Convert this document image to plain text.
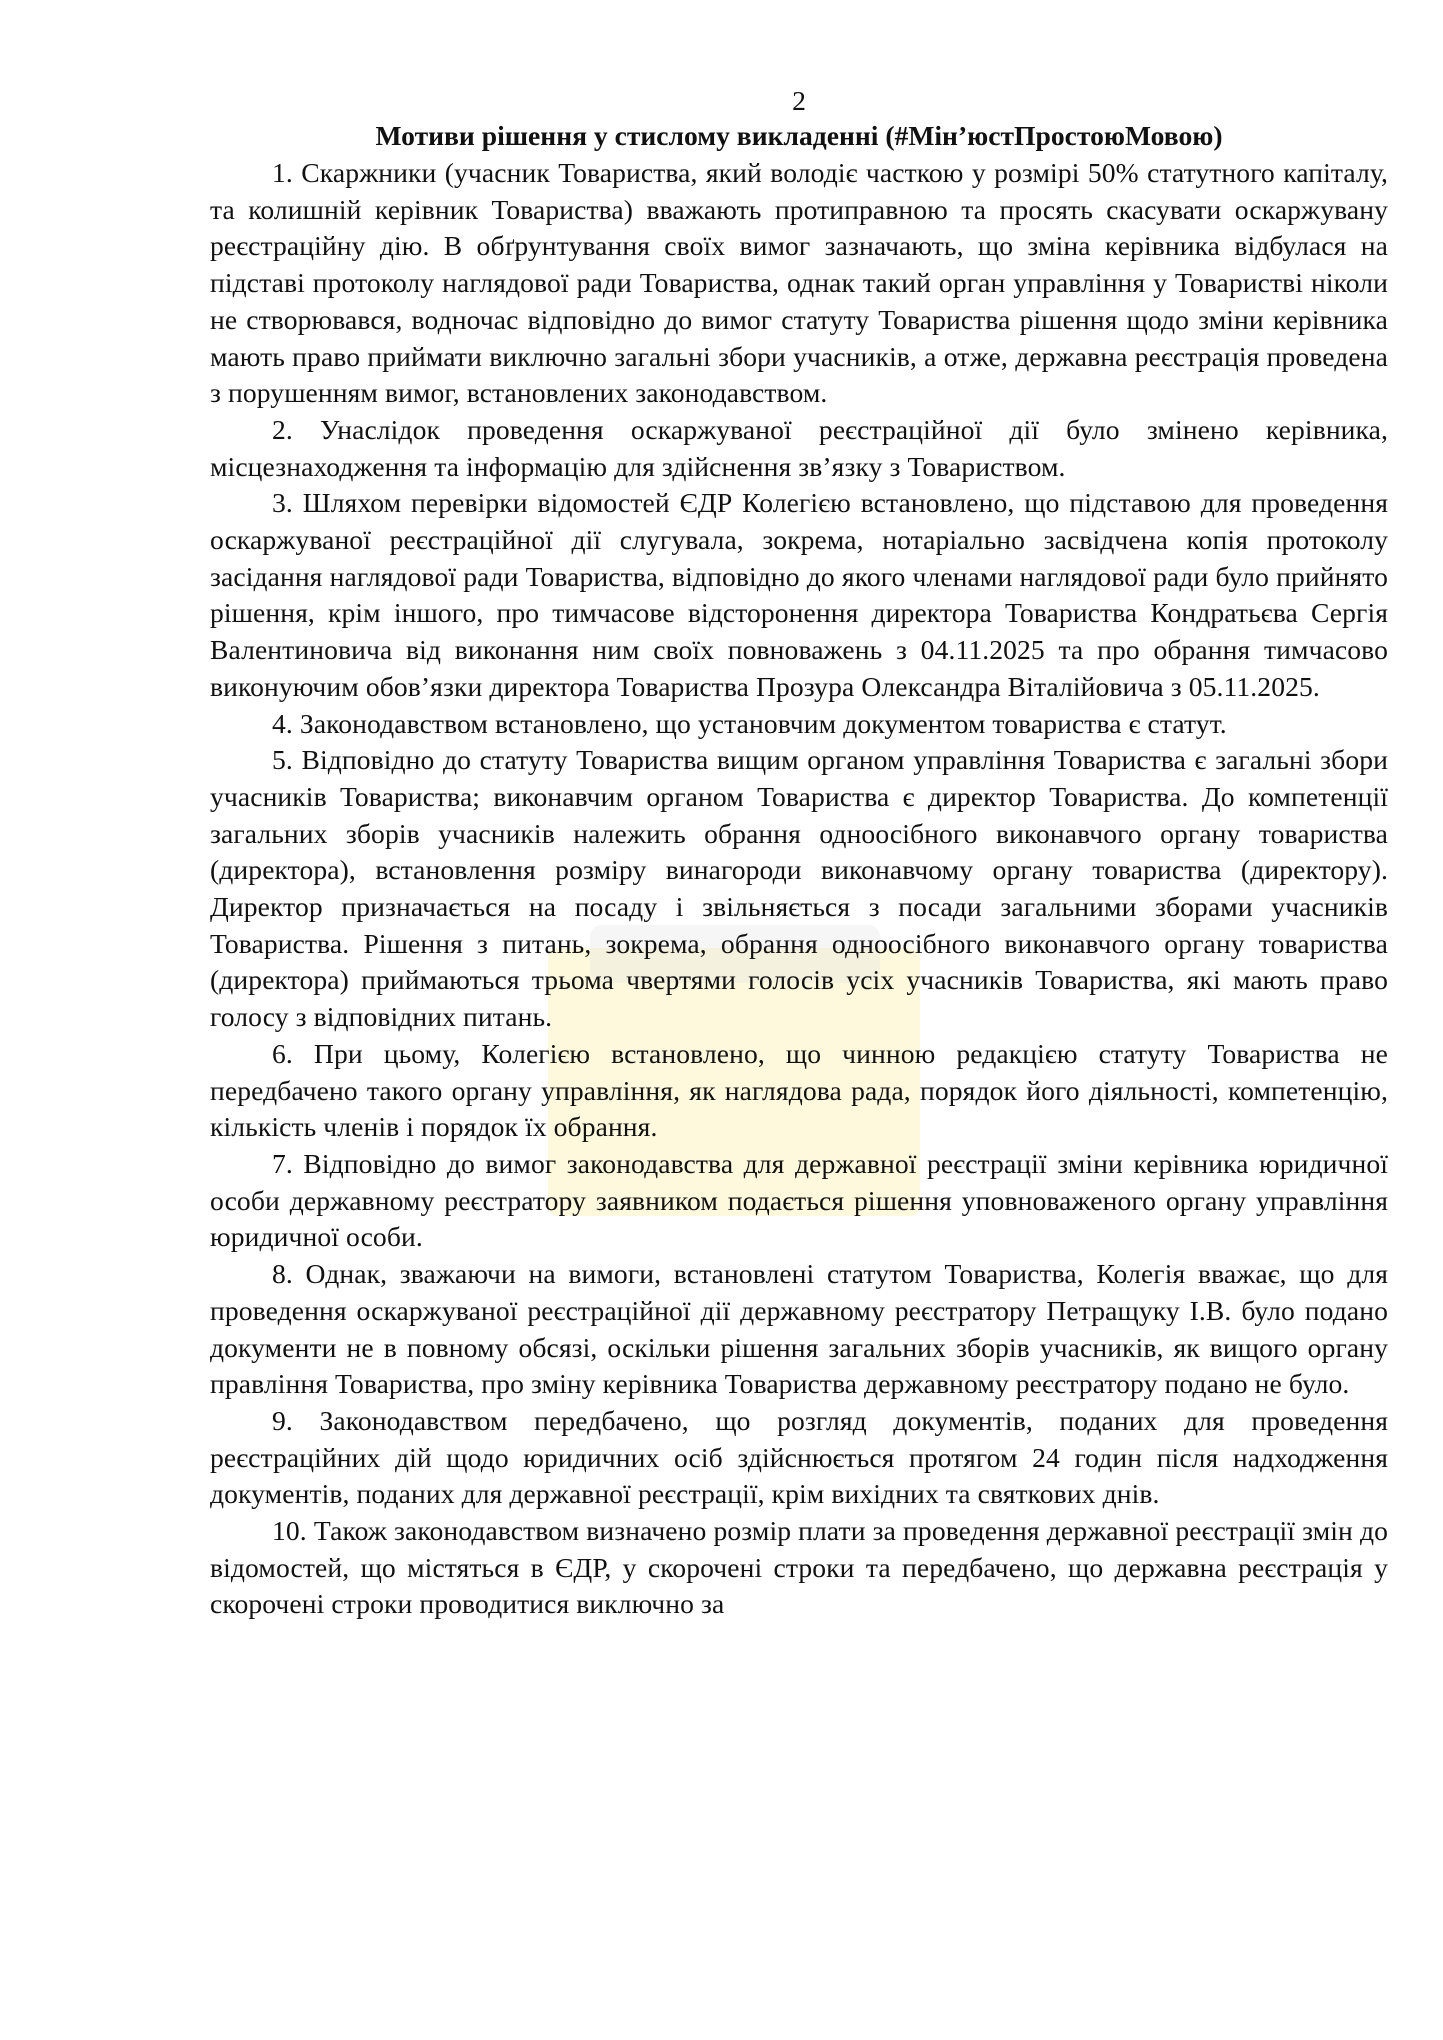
2
Мотиви рішення у стислому викладенні (#Мін’юстПростоюМовою)

1. Скаржники (учасник Товариства, який володіє часткою у розмірі 50% статутного капіталу, та колишній керівник Товариства) вважають протиправною та просять скасувати оскаржувану реєстраційну дію. В обґрунтування своїх вимог зазначають, що зміна керівника відбулася на підставі протоколу наглядової ради Товариства, однак такий орган управління у Товаристві ніколи не створювався, водночас відповідно до вимог статуту Товариства рішення щодо зміни керівника мають право приймати виключно загальні збори учасників, а отже, державна реєстрація проведена з порушенням вимог, встановлених законодавством.

2. Унаслідок проведення оскаржуваної реєстраційної дії було змінено керівника, місцезнаходження та інформацію для здійснення зв’язку з Товариством.

3. Шляхом перевірки відомостей ЄДР Колегією встановлено, що підставою для проведення оскаржуваної реєстраційної дії слугувала, зокрема, нотаріально засвідчена копія протоколу засідання наглядової ради Товариства, відповідно до якого членами наглядової ради було прийнято рішення, крім іншого, про тимчасове відсторонення директора Товариства Кондратьєва Сергія Валентиновича від виконання ним своїх повноважень з 04.11.2025 та про обрання тимчасово виконуючим обов’язки директора Товариства Прозура Олександра Віталійовича з 05.11.2025.

4. Законодавством встановлено, що установчим документом товариства є статут.

5. Відповідно до статуту Товариства вищим органом управління Товариства є загальні збори учасників Товариства; виконавчим органом Товариства є директор Товариства. До компетенції загальних зборів учасників належить обрання одноосібного виконавчого органу товариства (директора), встановлення розміру винагороди виконавчому органу товариства (директору). Директор призначається на посаду і звільняється з посади загальними зборами учасників Товариства. Рішення з питань, зокрема, обрання одноосібного виконавчого органу товариства (директора) приймаються трьома чвертями голосів усіх учасників Товариства, які мають право голосу з відповідних питань.

6. При цьому, Колегією встановлено, що чинною редакцією статуту Товариства не передбачено такого органу управління, як наглядова рада, порядок його діяльності, компетенцію, кількість членів і порядок їх обрання.

7. Відповідно до вимог законодавства для державної реєстрації зміни керівника юридичної особи державному реєстратору заявником подається рішення уповноваженого органу управління юридичної особи.

8. Однак, зважаючи на вимоги, встановлені статутом Товариства, Колегія вважає, що для проведення оскаржуваної реєстраційної дії державному реєстратору Петращуку І.В. було подано документи не в повному обсязі, оскільки рішення загальних зборів учасників, як вищого органу правління Товариства, про зміну керівника Товариства державному реєстратору подано не було.

9. Законодавством передбачено, що розгляд документів, поданих для проведення реєстраційних дій щодо юридичних осіб здійснюється протягом 24 годин після надходження документів, поданих для державної реєстрації, крім вихідних та святкових днів.

10. Також законодавством визначено розмір плати за проведення державної реєстрації змін до відомостей, що містяться в ЄДР, у скорочені строки та передбачено, що державна реєстрація у скорочені строки проводитися виключно за
